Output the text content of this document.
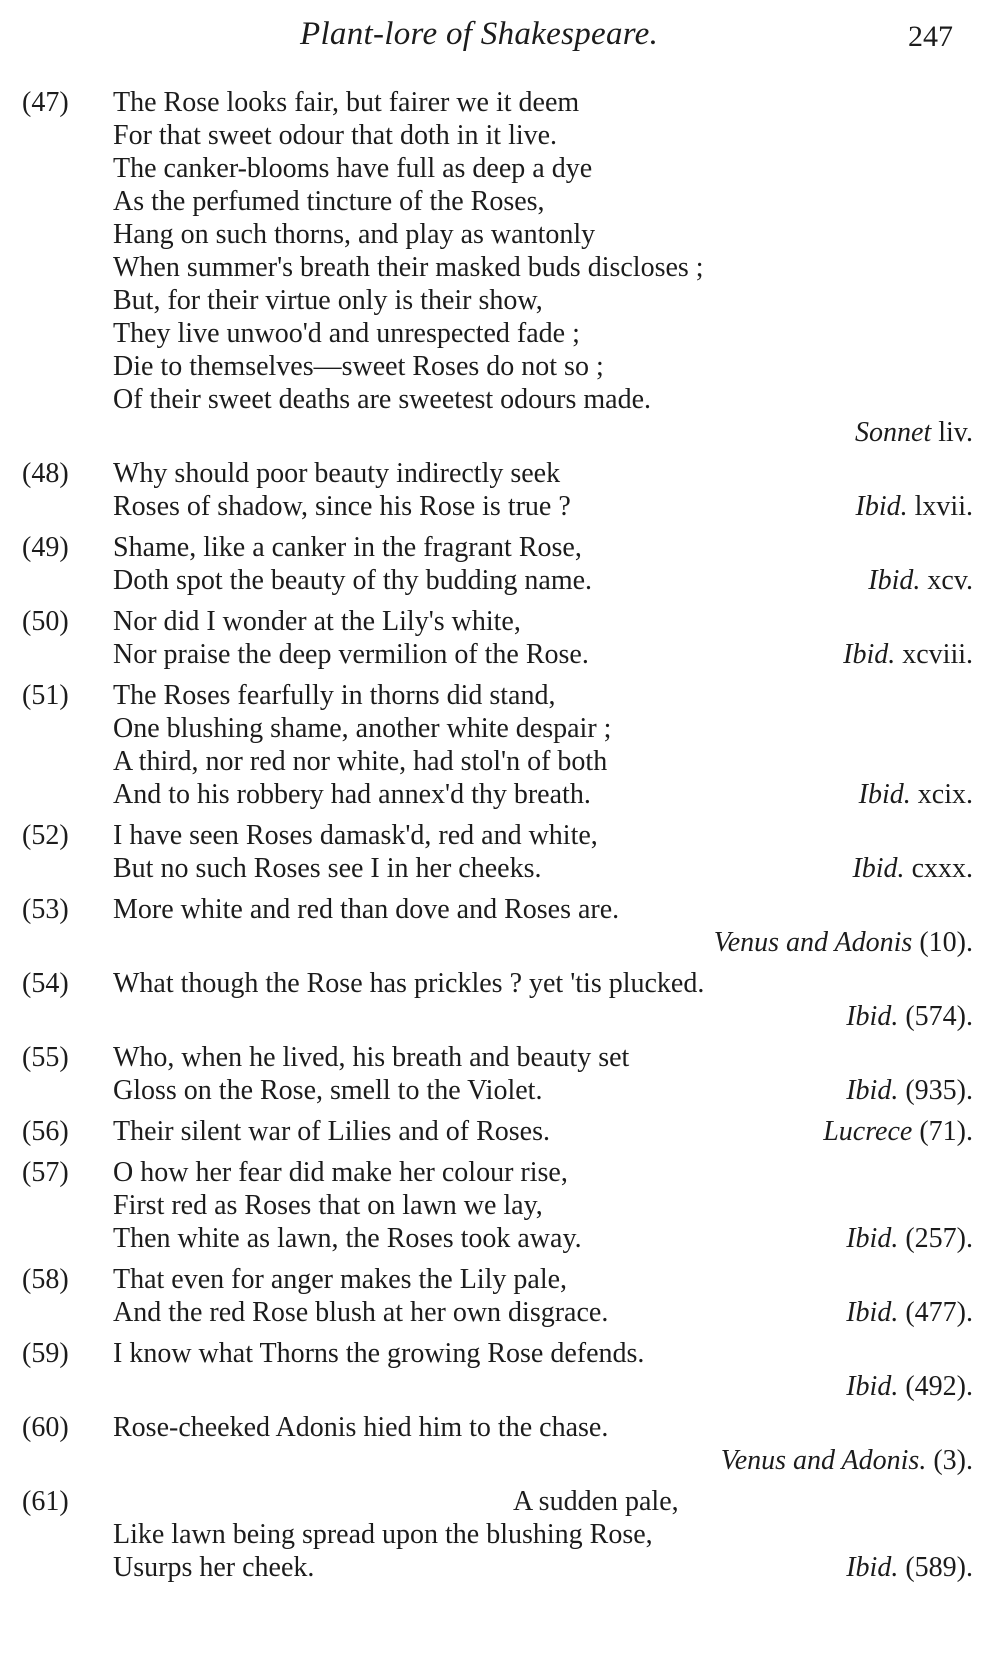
Plant-lore of Shakespeare.	247
(47) The Rose looks fair, but fairer we it deem
For that sweet odour that doth in it live.
The canker-blooms have full as deep a dye
As the perfumed tincture of the Roses,
Hang on such thorns, and play as wantonly
When summer's breath their masked buds discloses ;
But, for their virtue only is their show,
They live unwoo'd and unrespected fade ;
Die to themselves—sweet Roses do not so ;
Of their sweet deaths are sweetest odours made.
Sonnet liv.
(48) Why should poor beauty indirectly seek
Roses of shadow, since his Rose is true ?	Ibid. lxvii.
(49) Shame, like a canker in the fragrant Rose,
Doth spot the beauty of thy budding name.	Ibid. xcv.
(50) Nor did I wonder at the Lily's white,
Nor praise the deep vermilion of the Rose.	Ibid. xcviii.
(51) The Roses fearfully in thorns did stand,
One blushing shame, another white despair ;
A third, nor red nor white, had stol'n of both
And to his robbery had annex'd thy breath.	Ibid. xcix.
(52) I have seen Roses damask'd, red and white,
But no such Roses see I in her cheeks.	Ibid. cxxx.
(53) More white and red than dove and Roses are.
Venus and Adonis (10).
(54) What though the Rose has prickles ? yet 'tis plucked.
Ibid. (574).
(55) Who, when he lived, his breath and beauty set
Gloss on the Rose, smell to the Violet.	Ibid. (935).
(56) Their silent war of Lilies and of Roses.	Lucrece (71).
(57) O how her fear did make her colour rise,
First red as Roses that on lawn we lay,
Then white as lawn, the Roses took away.	Ibid. (257).
(58) That even for anger makes the Lily pale,
And the red Rose blush at her own disgrace.	Ibid. (477).
(59) I know what Thorns the growing Rose defends.
Ibid. (492).
(60) Rose-cheeked Adonis hied him to the chase.
Venus and Adonis. (3).
(61)	A sudden pale,
Like lawn being spread upon the blushing Rose,
Usurps her cheek.	Ibid. (589).
